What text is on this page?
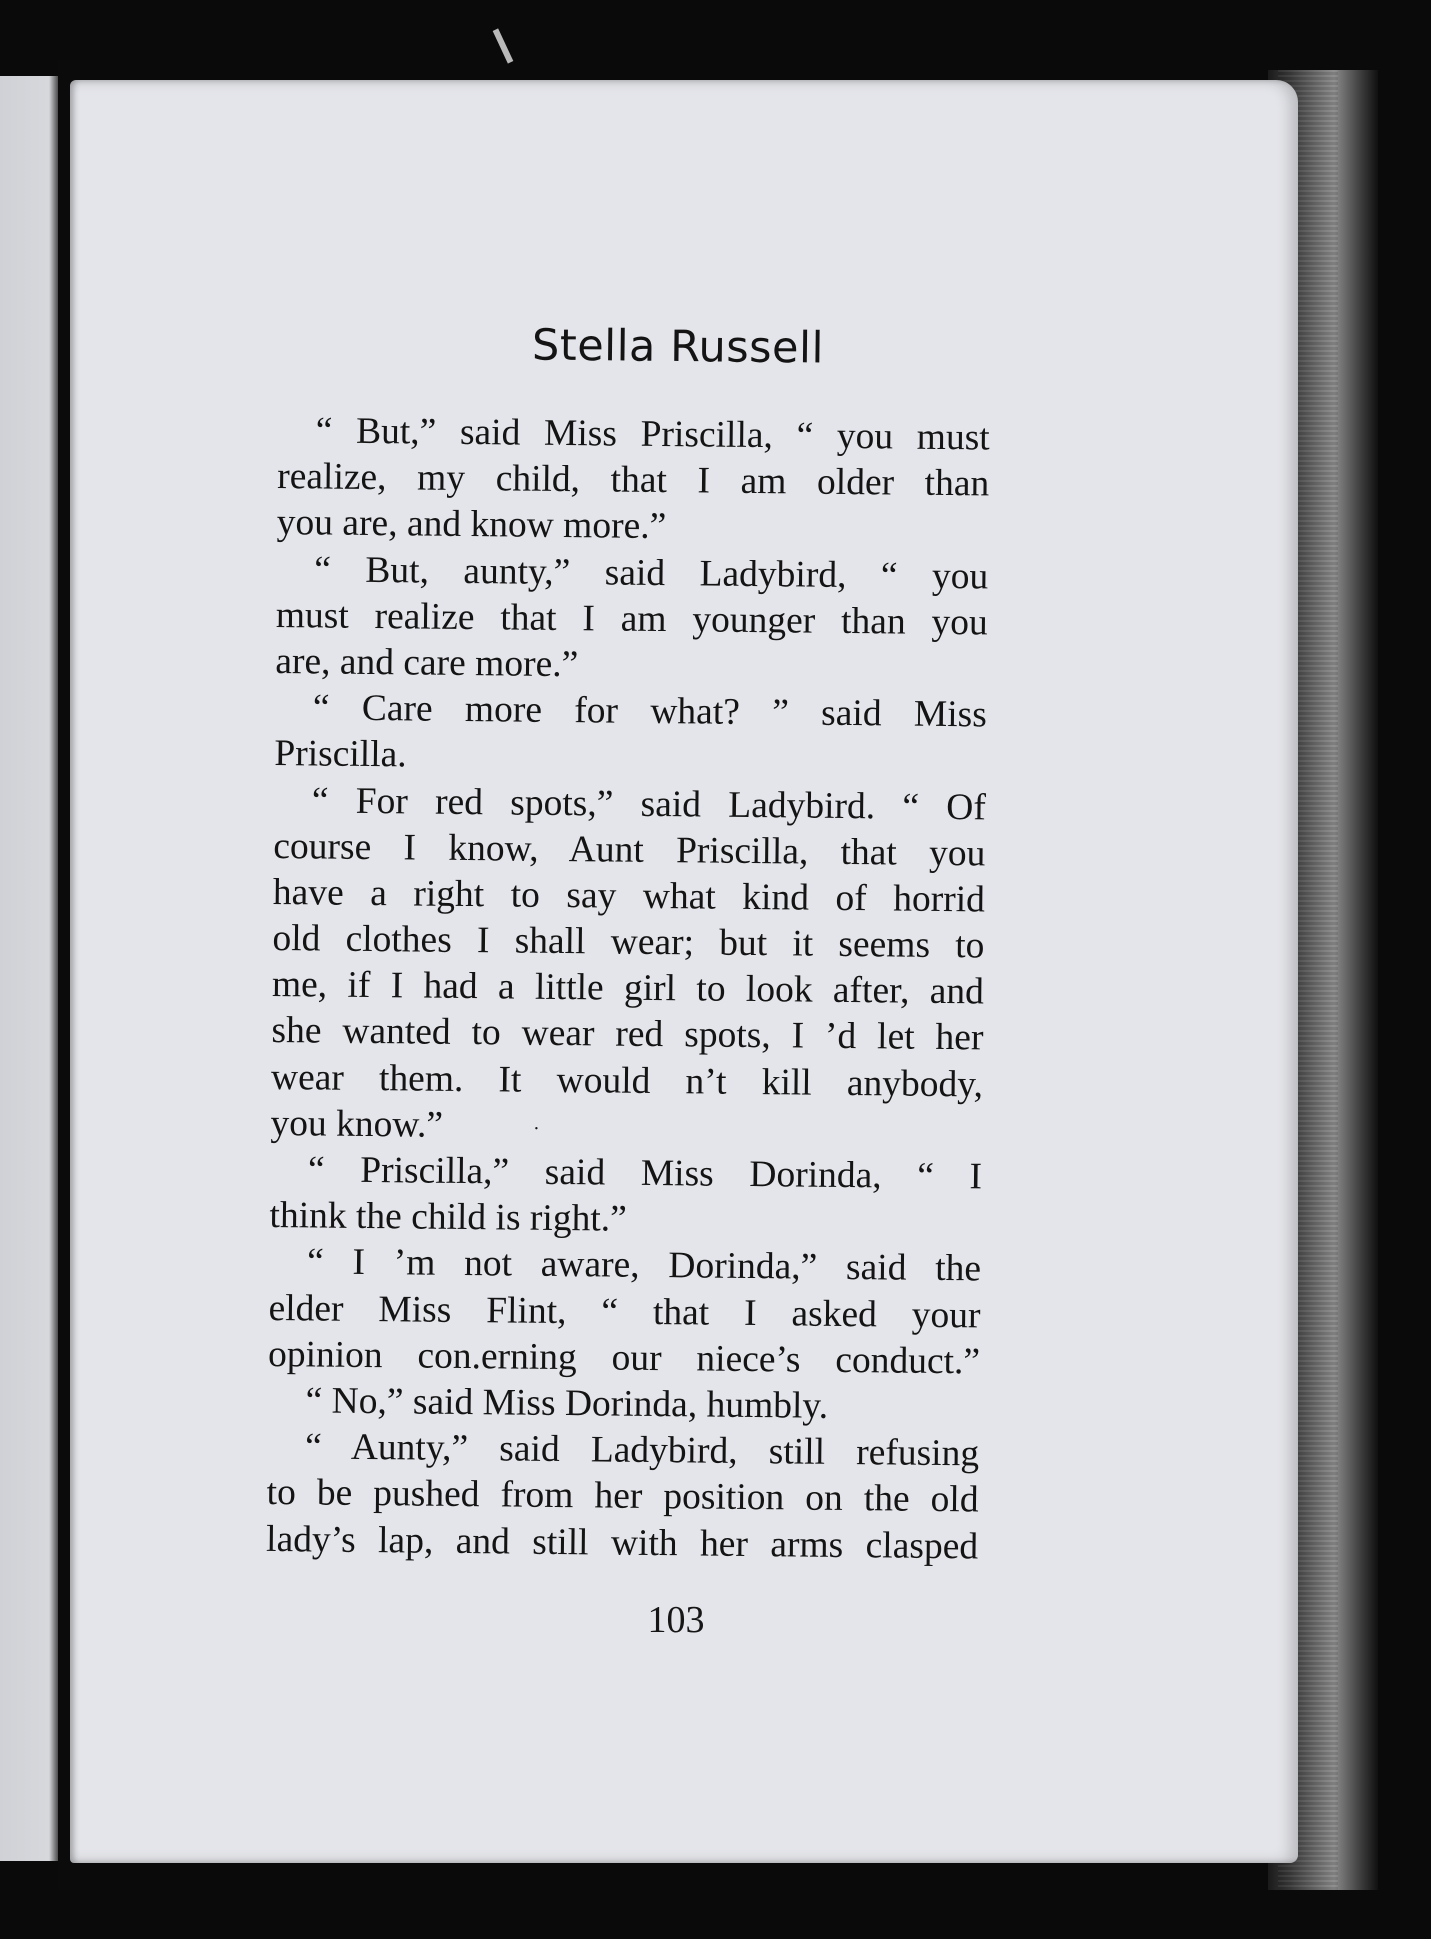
Stella Russell
“ But,” said Miss Priscilla, “ you must
realize, my child, that I am older than
you are, and know more.”
“ But, aunty,” said Ladybird, “ you
must realize that I am younger than you
are, and care more.”
“ Care more for what? ” said Miss
Priscilla.
“ For red spots,” said Ladybird. “ Of
course I know, Aunt Priscilla, that you
have a right to say what kind of horrid
old clothes I shall wear; but it seems to
me, if I had a little girl to look after, and
she wanted to wear red spots, I ’d let her
wear them. It would n’t kill anybody,
you know.”	·
“ Priscilla,” said Miss Dorinda, “ I
think the child is right.”
“ I ’m not aware, Dorinda,” said the
elder Miss Flint, “ that I asked your
opinion con.erning our niece’s conduct.”
“ No,” said Miss Dorinda, humbly.
“ Aunty,” said Ladybird, still refusing
to be pushed from her position on the old
lady’s lap, and still with her arms clasped
103
